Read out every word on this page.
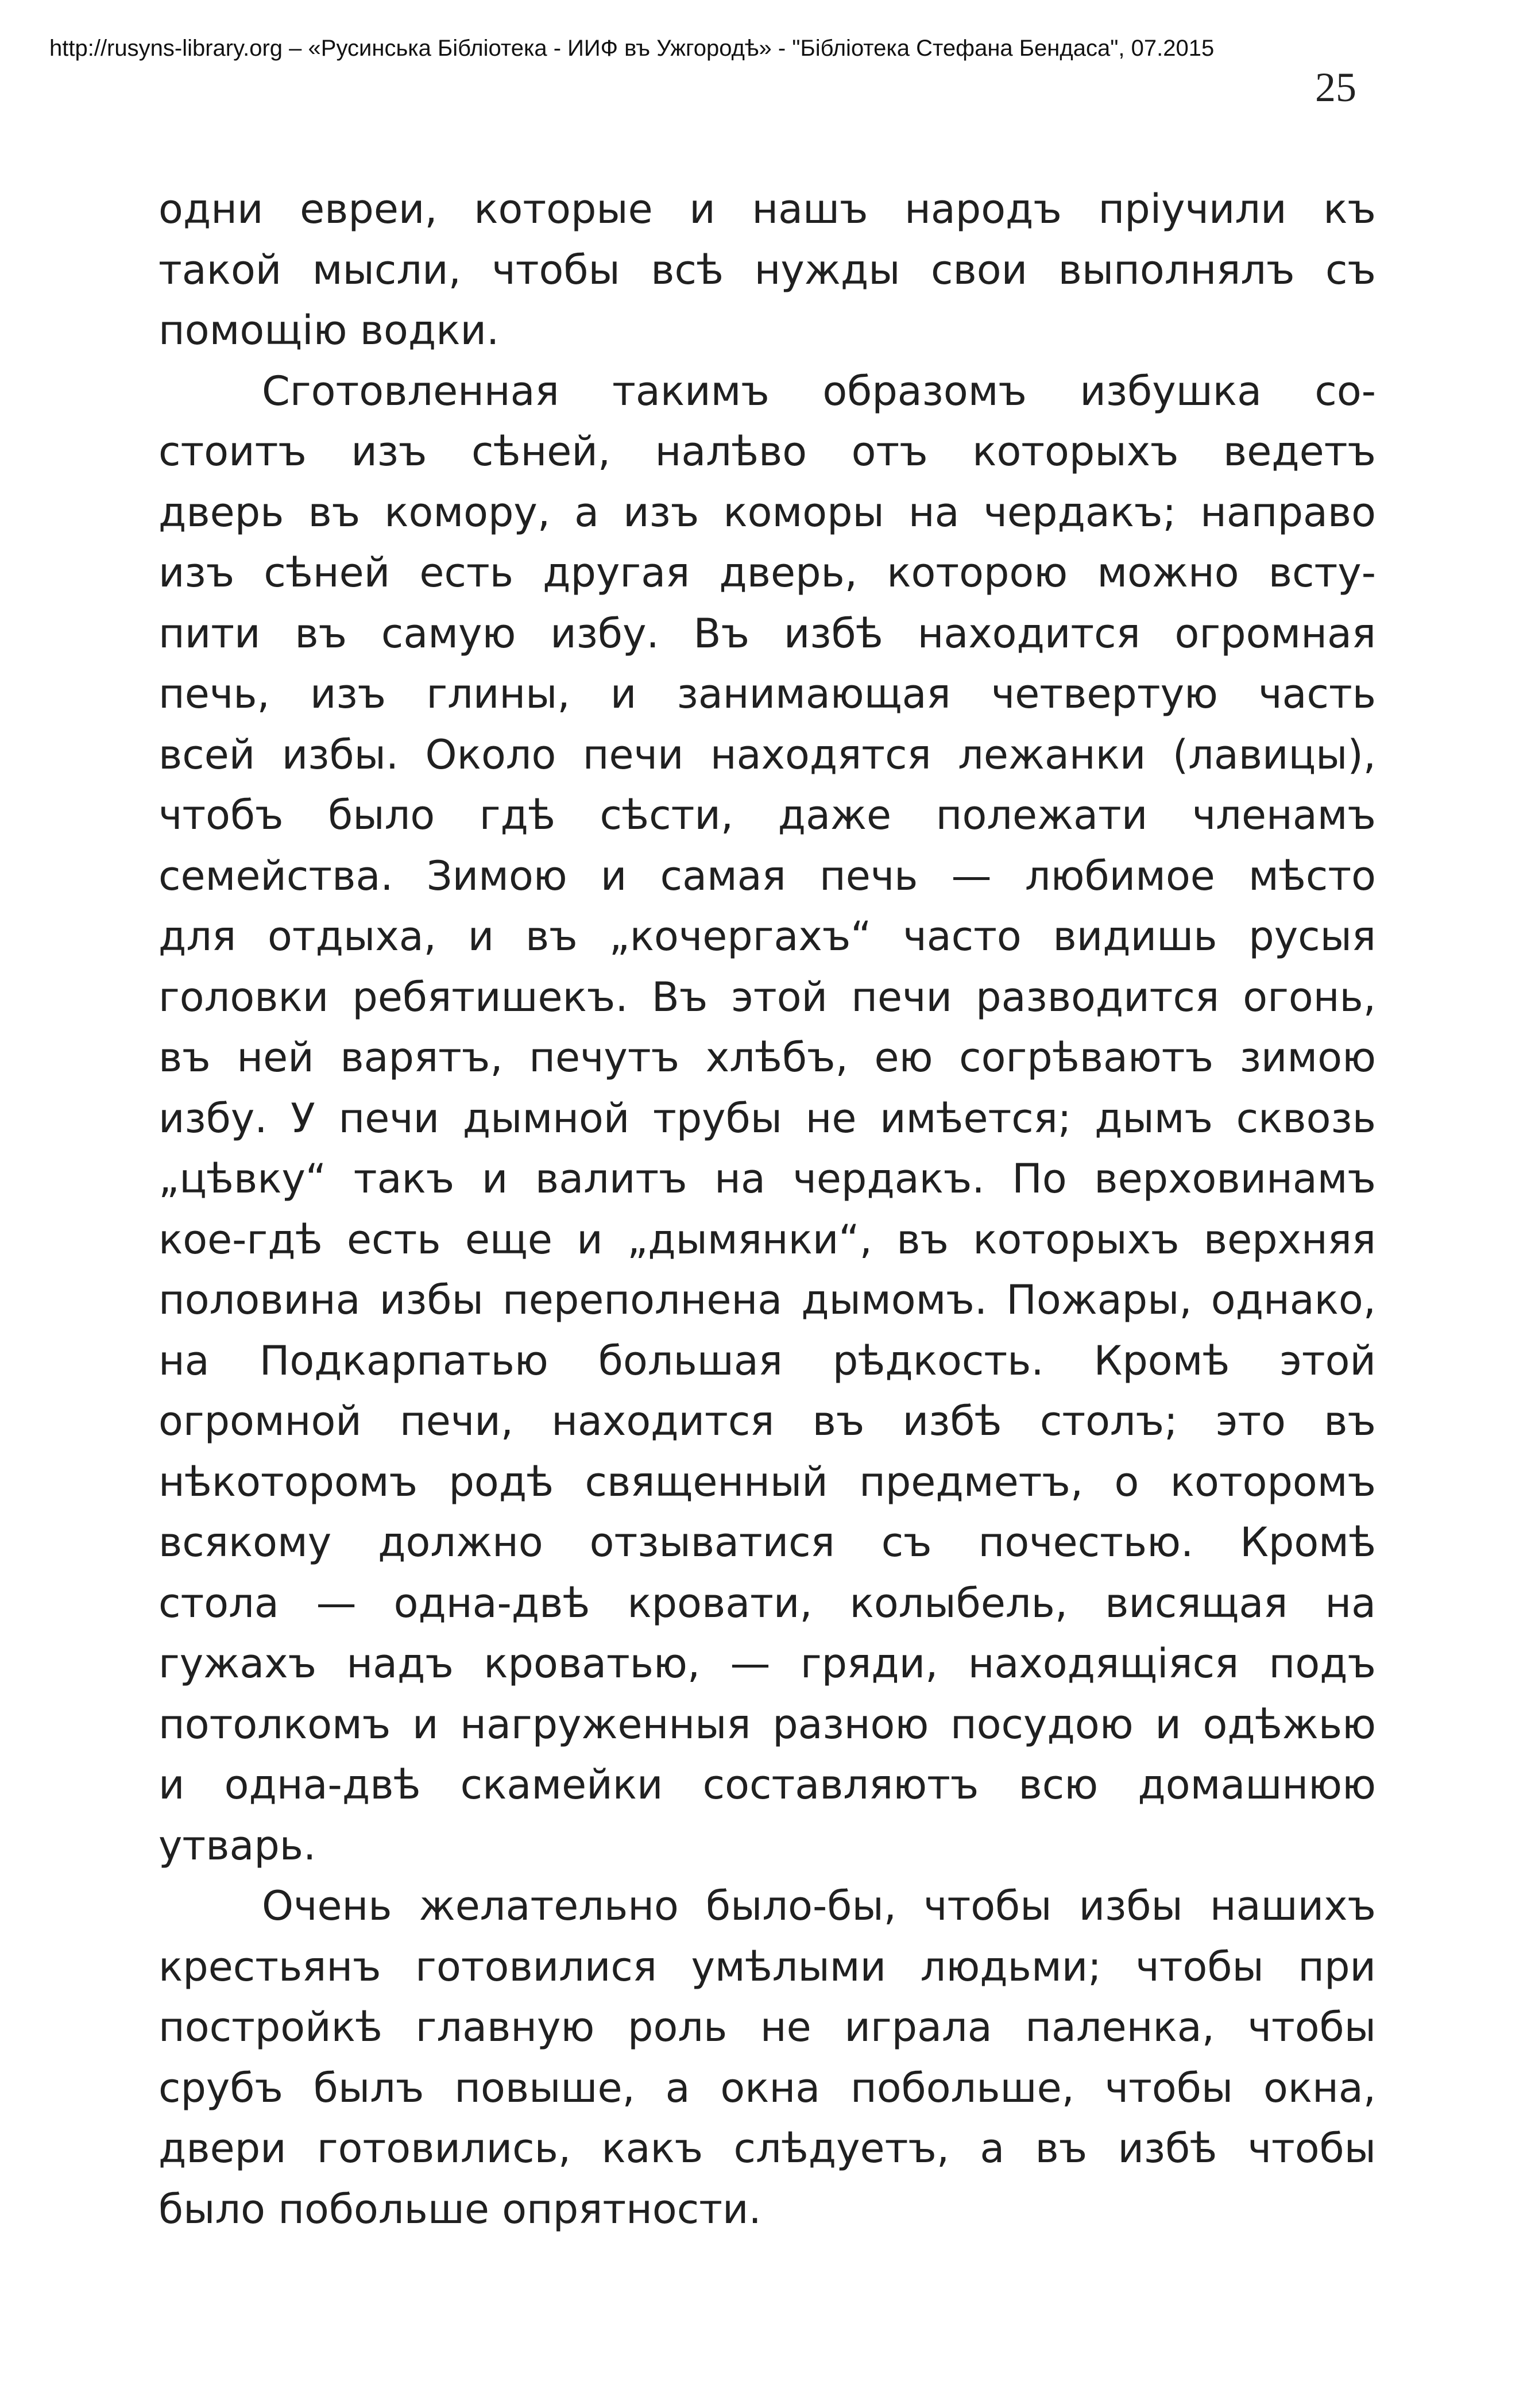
http://rusyns-library.org – «Русинська Бібліотека - ИИФ въ Ужгородѣ» - "Бібліотека Стефана Бендаса", 07.2015
25
одни евреи, которые и нашъ народъ пріучили къ
такой мысли, чтобы всѣ нужды свои выполнялъ съ
помощію водки.
Сготовленная такимъ образомъ избушка со-
стоитъ изъ сѣней, налѣво отъ которыхъ ведетъ
дверь въ комору, а изъ коморы на чердакъ; направо
изъ сѣней есть другая дверь, которою можно всту-
пити въ самую избу. Въ избѣ находится огромная
печь, изъ глины, и занимающая четвертую часть
всей избы. Около печи находятся лежанки (лавицы),
чтобъ было гдѣ сѣсти, даже полежати членамъ
семейства. Зимою и самая печь — любимое мѣсто
для отдыха, и въ „кочергахъ“ часто видишь русыя
головки ребятишекъ. Въ этой печи разводится огонь,
въ ней варятъ, печутъ хлѣбъ, ею согрѣваютъ зимою
избу. У печи дымной трубы не имѣется; дымъ сквозь
„цѣвку“ такъ и валитъ на чердакъ. По верховинамъ
кое-гдѣ есть еще и „дымянки“, въ которыхъ верхняя
половина избы переполнена дымомъ. Пожары, однако,
на Подкарпатью большая рѣдкость. Кромѣ этой
огромной печи, находится въ избѣ столъ; это въ
нѣкоторомъ родѣ священный предметъ, о которомъ
всякому должно отзыватися съ почестью. Кромѣ
стола — одна-двѣ кровати, колыбель, висящая на
гужахъ надъ кроватью, — гряди, находящіяся подъ
потолкомъ и нагруженныя разною посудою и одѣжью
и одна-двѣ скамейки составляютъ всю домашнюю
утварь.
Очень желательно было-бы, чтобы избы нашихъ
крестьянъ готовилися умѣлыми людьми; чтобы при
постройкѣ главную роль не играла паленка, чтобы
срубъ былъ повыше, а окна побольше, чтобы окна,
двери готовились, какъ слѣдуетъ, а въ избѣ чтобы
было побольше опрятности.
